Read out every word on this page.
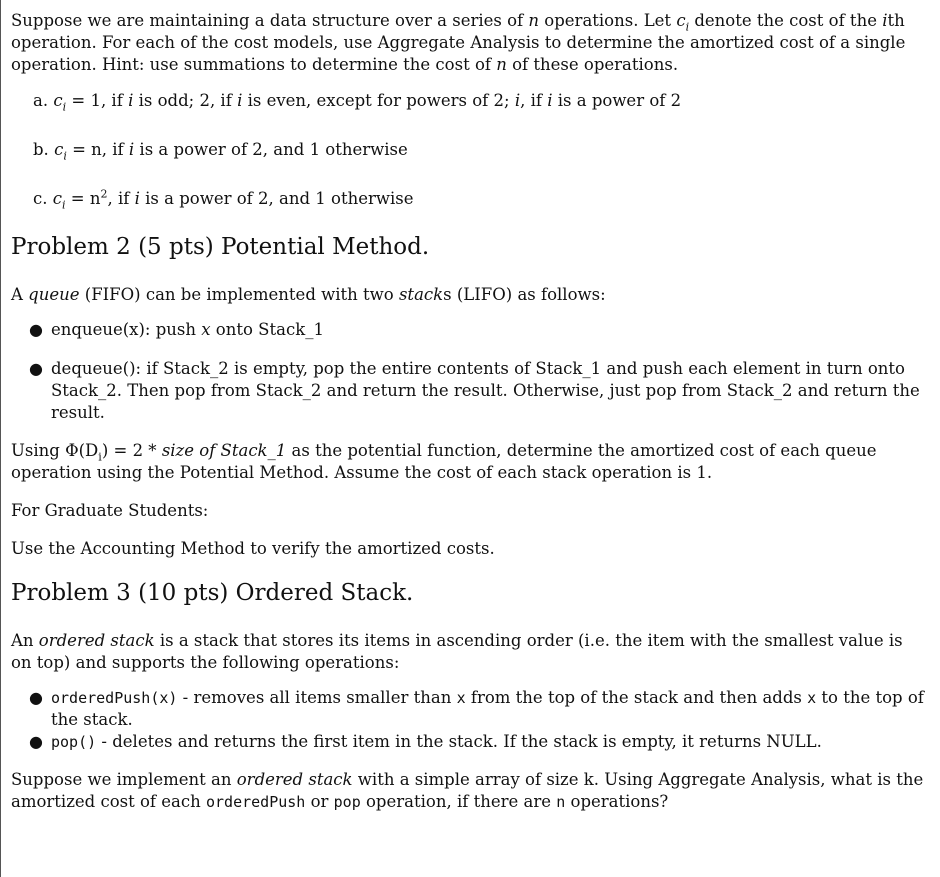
Suppose we are maintaining a data structure over a series of n operations. Let $c_i$ denote the cost of the ith operation. For each of the cost models, use Aggregate Analysis to determine the amortized cost of a single operation. Hint: use summations to determine the cost of n of these operations.

a. $c_i = 1$, if i is odd; 2, if i is even, except for powers of 2; i, if i is a power of 2

b. $c_i = n$, if i is a power of 2, and 1 otherwise

c. $c_i = n^2$, if i is a power of 2, and 1 otherwise

Problem 2 (5 pts) Potential Method.

A queue (FIFO) can be implemented with two stacks (LIFO) as follows:

● enqueue(x): push x onto Stack_1
● dequeue(): if Stack_2 is empty, pop the entire contents of Stack_1 and push each element in turn onto Stack_2. Then pop from Stack_2 and return the result. Otherwise, just pop from Stack_2 and return the result.

Using $\Phi(D_i) = 2$ * size of Stack_1 as the potential function, determine the amortized cost of each queue operation using the Potential Method. Assume the cost of each stack operation is 1.

For Graduate Students:

Use the Accounting Method to verify the amortized costs.

Problem 3 (10 pts) Ordered Stack.

An ordered stack is a stack that stores its items in ascending order (i.e. the item with the smallest value is on top) and supports the following operations:

● orderedPush(x) - removes all items smaller than x from the top of the stack and then adds x to the top of the stack.
● pop() - deletes and returns the first item in the stack. If the stack is empty, it returns NULL.

Suppose we implement an ordered stack with a simple array of size k. Using Aggregate Analysis, what is the amortized cost of each orderedPush or pop operation, if there are n operations?
